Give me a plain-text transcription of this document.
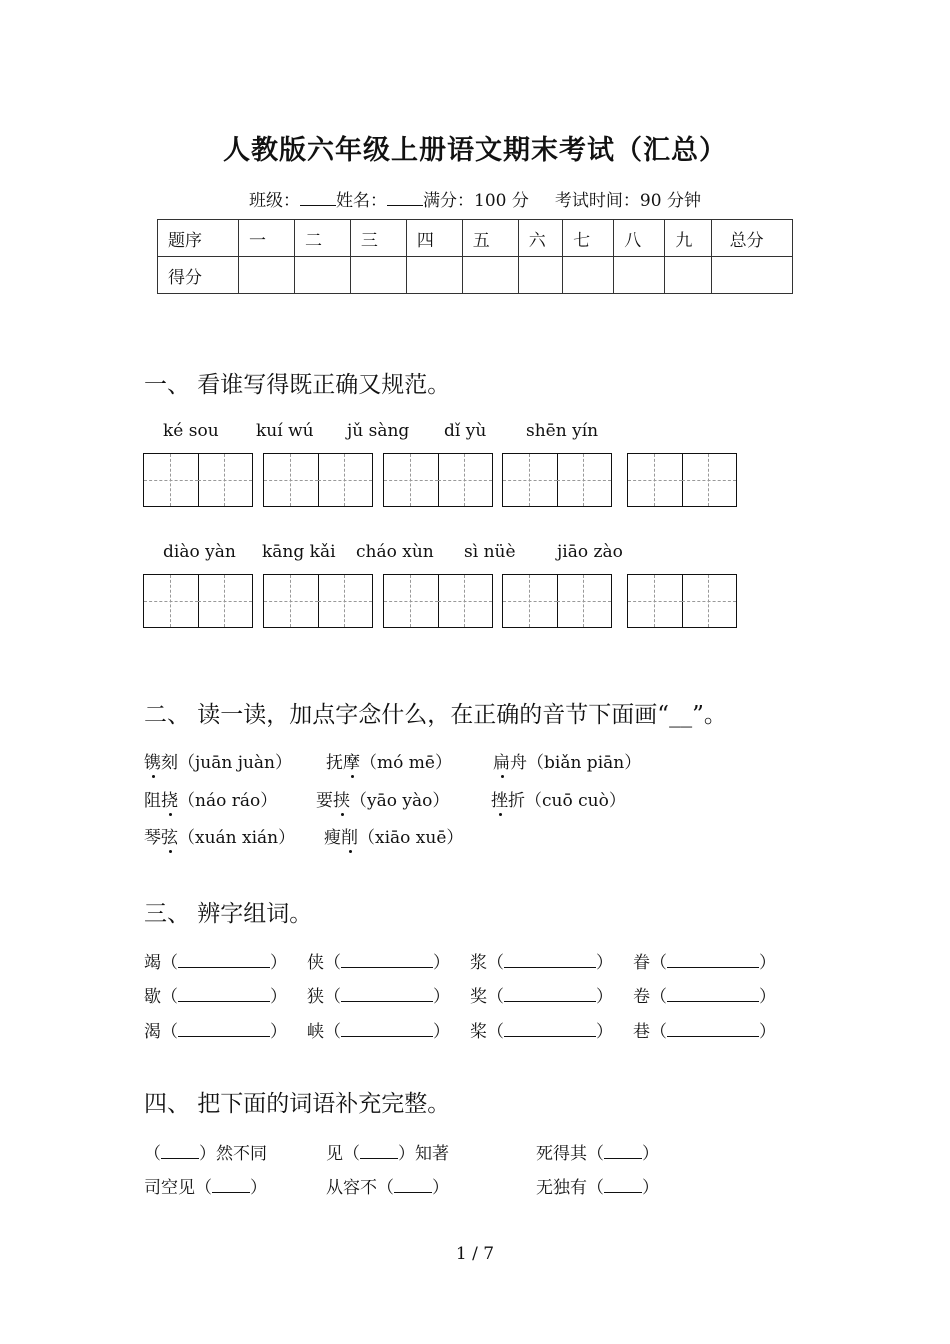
人教版六年级上册语文期末考试（汇总）
班级： 姓名： 满分：100 分 考试时间：90 分钟
题序	一	二	三	四	五	六	七	八	九	总分
得分										
一、 看谁写得既正确又规范。
ké sou kuí wú jǔ sàng dǐ yù shēn yín
diào yàn kāng kǎi cháo xùn sì nüè jiāo zào
二、 读一读，加点字念什么，在正确的音节下面画“__”。
镌刻（juān juàn） 抚摩（mó mē） 扁舟（biǎn piān）
阻挠（náo ráo） 要挟（yāo yào） 挫折（cuō cuò）
琴弦（xuán xián） 瘦削（xiāo xuē）
三、 辨字组词。
竭（	） 侠（	） 浆（	） 眷（	）
歇（	） 狭（	） 奖（	） 卷（	）
渴（	） 峡（	） 桨（	） 巷（	）
四、 把下面的词语补充完整。
（ ）然不同	见（ ）知著	死得其（ ）
司空见（ ）	从容不（ ）	无独有（ ）
1 / 7
